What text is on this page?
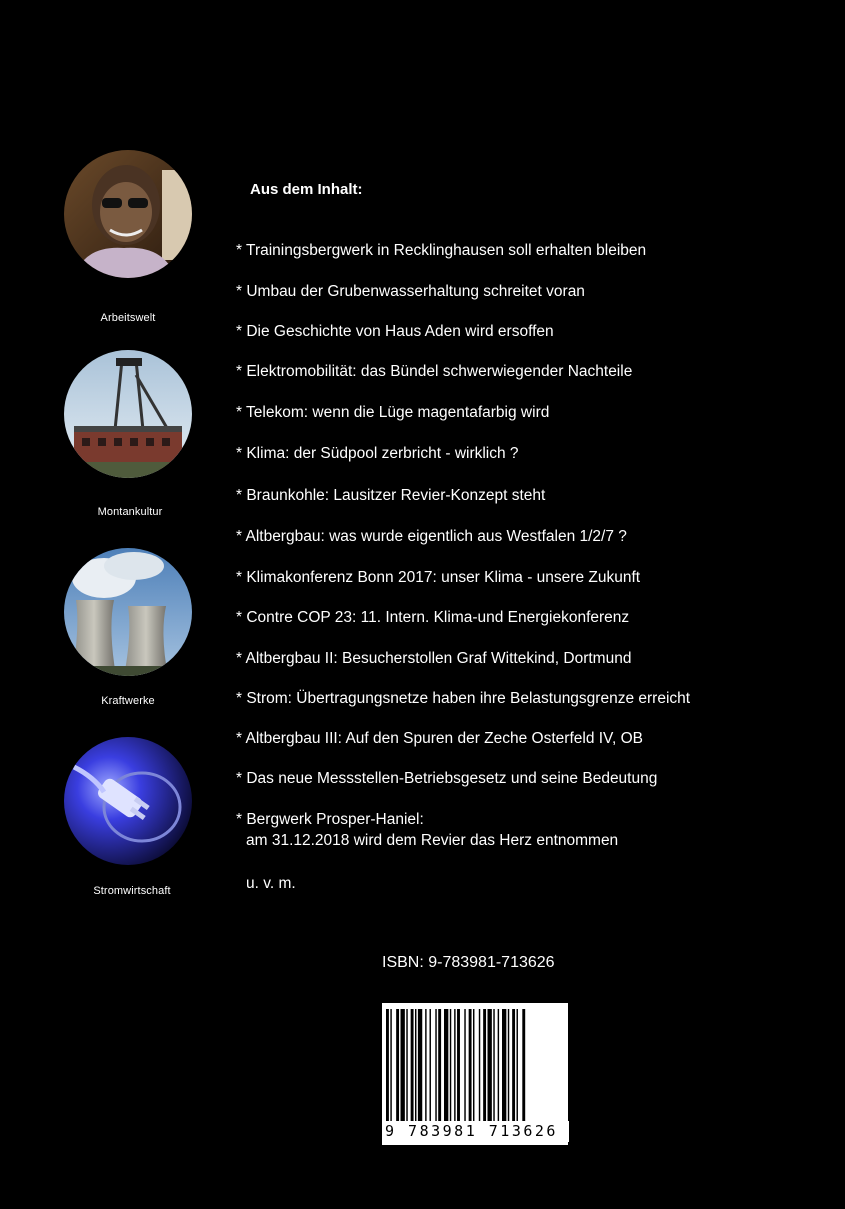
Arbeitswelt
Montankultur
Kraftwerke
Stromwirtschaft
Aus dem Inhalt:
* Trainingsbergwerk in Recklinghausen soll erhalten bleiben
* Umbau der Grubenwasserhaltung schreitet voran
* Die Geschichte von Haus Aden wird ersoffen
* Elektromobilität: das Bündel schwerwiegender Nachteile
* Telekom: wenn die Lüge magentafarbig wird
* Klima: der Südpool zerbricht - wirklich ?
* Braunkohle: Lausitzer Revier-Konzept steht
* Altbergbau: was wurde eigentlich aus Westfalen 1/2/7 ?
* Klimakonferenz Bonn 2017: unser Klima - unsere Zukunft
* Contre COP 23: 11. Intern. Klima-und Energiekonferenz
* Altbergbau II: Besucherstollen Graf Wittekind, Dortmund
* Strom: Übertragungsnetze haben ihre Belastungsgrenze erreicht
* Altbergbau III: Auf den Spuren der Zeche Osterfeld IV, OB
* Das neue Messstellen-Betriebsgesetz und seine Bedeutung
* Bergwerk Prosper-Haniel:
am 31.12.2018 wird dem Revier das Herz entnommen
u. v. m.
ISBN: 9-783981-713626
9 783981 713626
